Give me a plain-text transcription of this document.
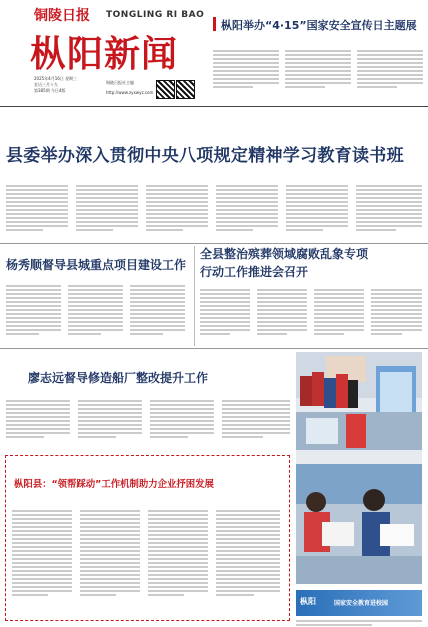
铜陵日报 TONGLING RI BAO
枞阳新闻
2025年4月16日 星期三
农历三月十九
第385期 今日4版
铜陵日报社主编
http://www.zyxwyz.com
枞阳举办“4·15”国家安全宣传日主题展
县委举办深入贯彻中央八项规定精神学习教育读书班
杨秀顺督导县城重点项目建设工作
全县整治殡葬领域腐败乱象专项
行动工作推进会召开
廖志远督导修造船厂整改提升工作
枞阳县：“领帮踩动”工作机制助力企业抒困发展
枞阳	国家安全教育进校园
